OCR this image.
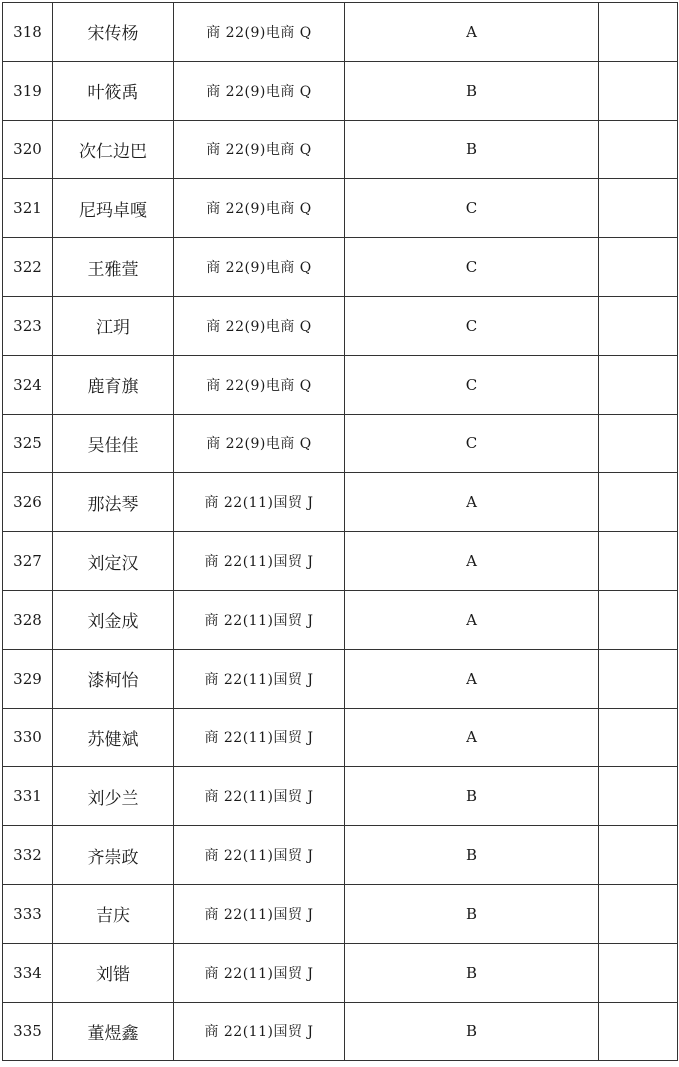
318	宋传杨	商 22(9)电商 Q	A	
319	叶筱禹	商 22(9)电商 Q	B	
320	次仁边巴	商 22(9)电商 Q	B	
321	尼玛卓嘎	商 22(9)电商 Q	C	
322	王雅萱	商 22(9)电商 Q	C	
323	江玥	商 22(9)电商 Q	C	
324	鹿育旗	商 22(9)电商 Q	C	
325	吴佳佳	商 22(9)电商 Q	C	
326	那法琴	商 22(11)国贸 J	A	
327	刘定汉	商 22(11)国贸 J	A	
328	刘金成	商 22(11)国贸 J	A	
329	漆柯怡	商 22(11)国贸 J	A	
330	苏健斌	商 22(11)国贸 J	A	
331	刘少兰	商 22(11)国贸 J	B	
332	齐崇政	商 22(11)国贸 J	B	
333	吉庆	商 22(11)国贸 J	B	
334	刘锴	商 22(11)国贸 J	B	
335	董煜鑫	商 22(11)国贸 J	B	
